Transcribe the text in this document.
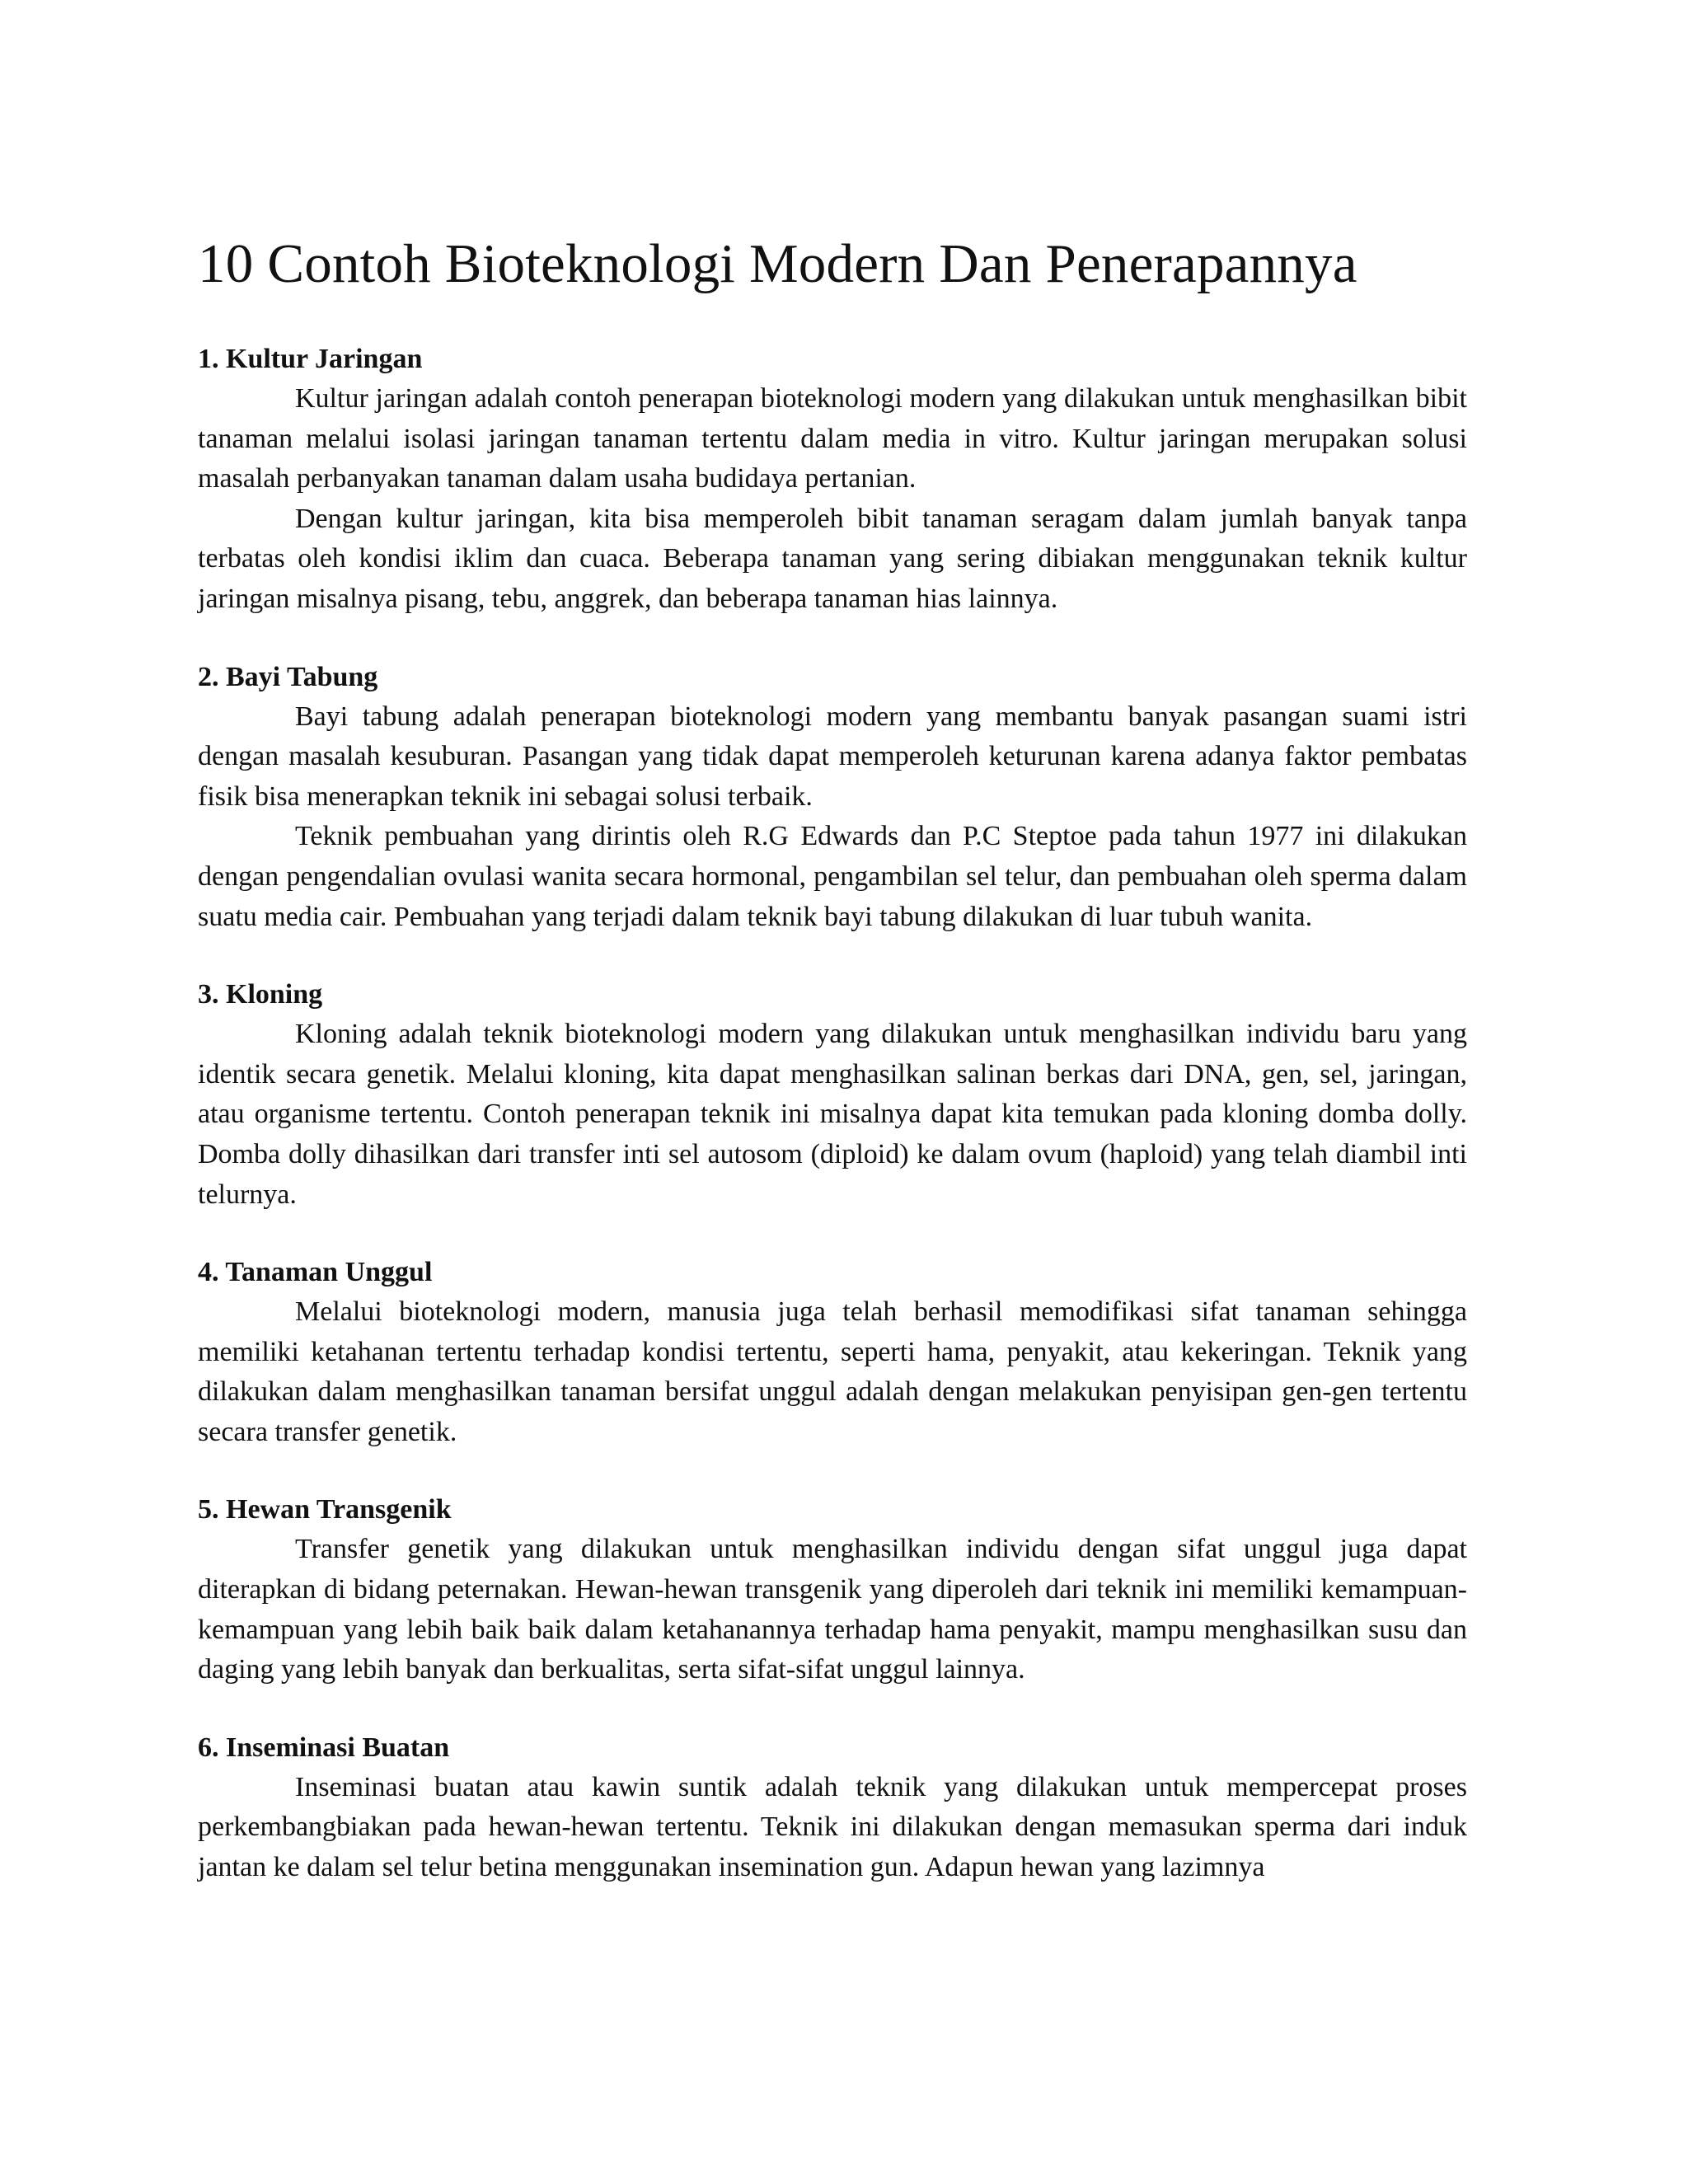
10 Contoh Bioteknologi Modern Dan Penerapannya
1. Kultur Jaringan

Kultur jaringan adalah contoh penerapan bioteknologi modern yang dilakukan untuk menghasilkan bibit tanaman melalui isolasi jaringan tanaman tertentu dalam media in vitro. Kultur jaringan merupakan solusi masalah perbanyakan tanaman dalam usaha budidaya pertanian.

Dengan kultur jaringan, kita bisa memperoleh bibit tanaman seragam dalam jumlah banyak tanpa terbatas oleh kondisi iklim dan cuaca. Beberapa tanaman yang sering dibiakan menggunakan teknik kultur jaringan misalnya pisang, tebu, anggrek, dan beberapa tanaman hias lainnya.

2. Bayi Tabung

Bayi tabung adalah penerapan bioteknologi modern yang membantu banyak pasangan suami istri dengan masalah kesuburan. Pasangan yang tidak dapat memperoleh keturunan karena adanya faktor pembatas fisik bisa menerapkan teknik ini sebagai solusi terbaik.

Teknik pembuahan yang dirintis oleh R.G Edwards dan P.C Steptoe pada tahun 1977 ini dilakukan dengan pengendalian ovulasi wanita secara hormonal, pengambilan sel telur, dan pembuahan oleh sperma dalam suatu media cair. Pembuahan yang terjadi dalam teknik bayi tabung dilakukan di luar tubuh wanita.

3. Kloning

Kloning adalah teknik bioteknologi modern yang dilakukan untuk menghasilkan individu baru yang identik secara genetik. Melalui kloning, kita dapat menghasilkan salinan berkas dari DNA, gen, sel, jaringan, atau organisme tertentu. Contoh penerapan teknik ini misalnya dapat kita temukan pada kloning domba dolly. Domba dolly dihasilkan dari transfer inti sel autosom (diploid) ke dalam ovum (haploid) yang telah diambil inti telurnya.

4. Tanaman Unggul

Melalui bioteknologi modern, manusia juga telah berhasil memodifikasi sifat tanaman sehingga memiliki ketahanan tertentu terhadap kondisi tertentu, seperti hama, penyakit, atau kekeringan. Teknik yang dilakukan dalam menghasilkan tanaman bersifat unggul adalah dengan melakukan penyisipan gen-gen tertentu secara transfer genetik.

5. Hewan Transgenik

Transfer genetik yang dilakukan untuk menghasilkan individu dengan sifat unggul juga dapat diterapkan di bidang peternakan. Hewan-hewan transgenik yang diperoleh dari teknik ini memiliki kemampuan-kemampuan yang lebih baik baik dalam ketahanannya terhadap hama penyakit, mampu menghasilkan susu dan daging yang lebih banyak dan berkualitas, serta sifat-sifat unggul lainnya.

6. Inseminasi Buatan

Inseminasi buatan atau kawin suntik adalah teknik yang dilakukan untuk mempercepat proses perkembangbiakan pada hewan-hewan tertentu. Teknik ini dilakukan dengan memasukan sperma dari induk jantan ke dalam sel telur betina menggunakan insemination gun. Adapun hewan yang lazimnya
